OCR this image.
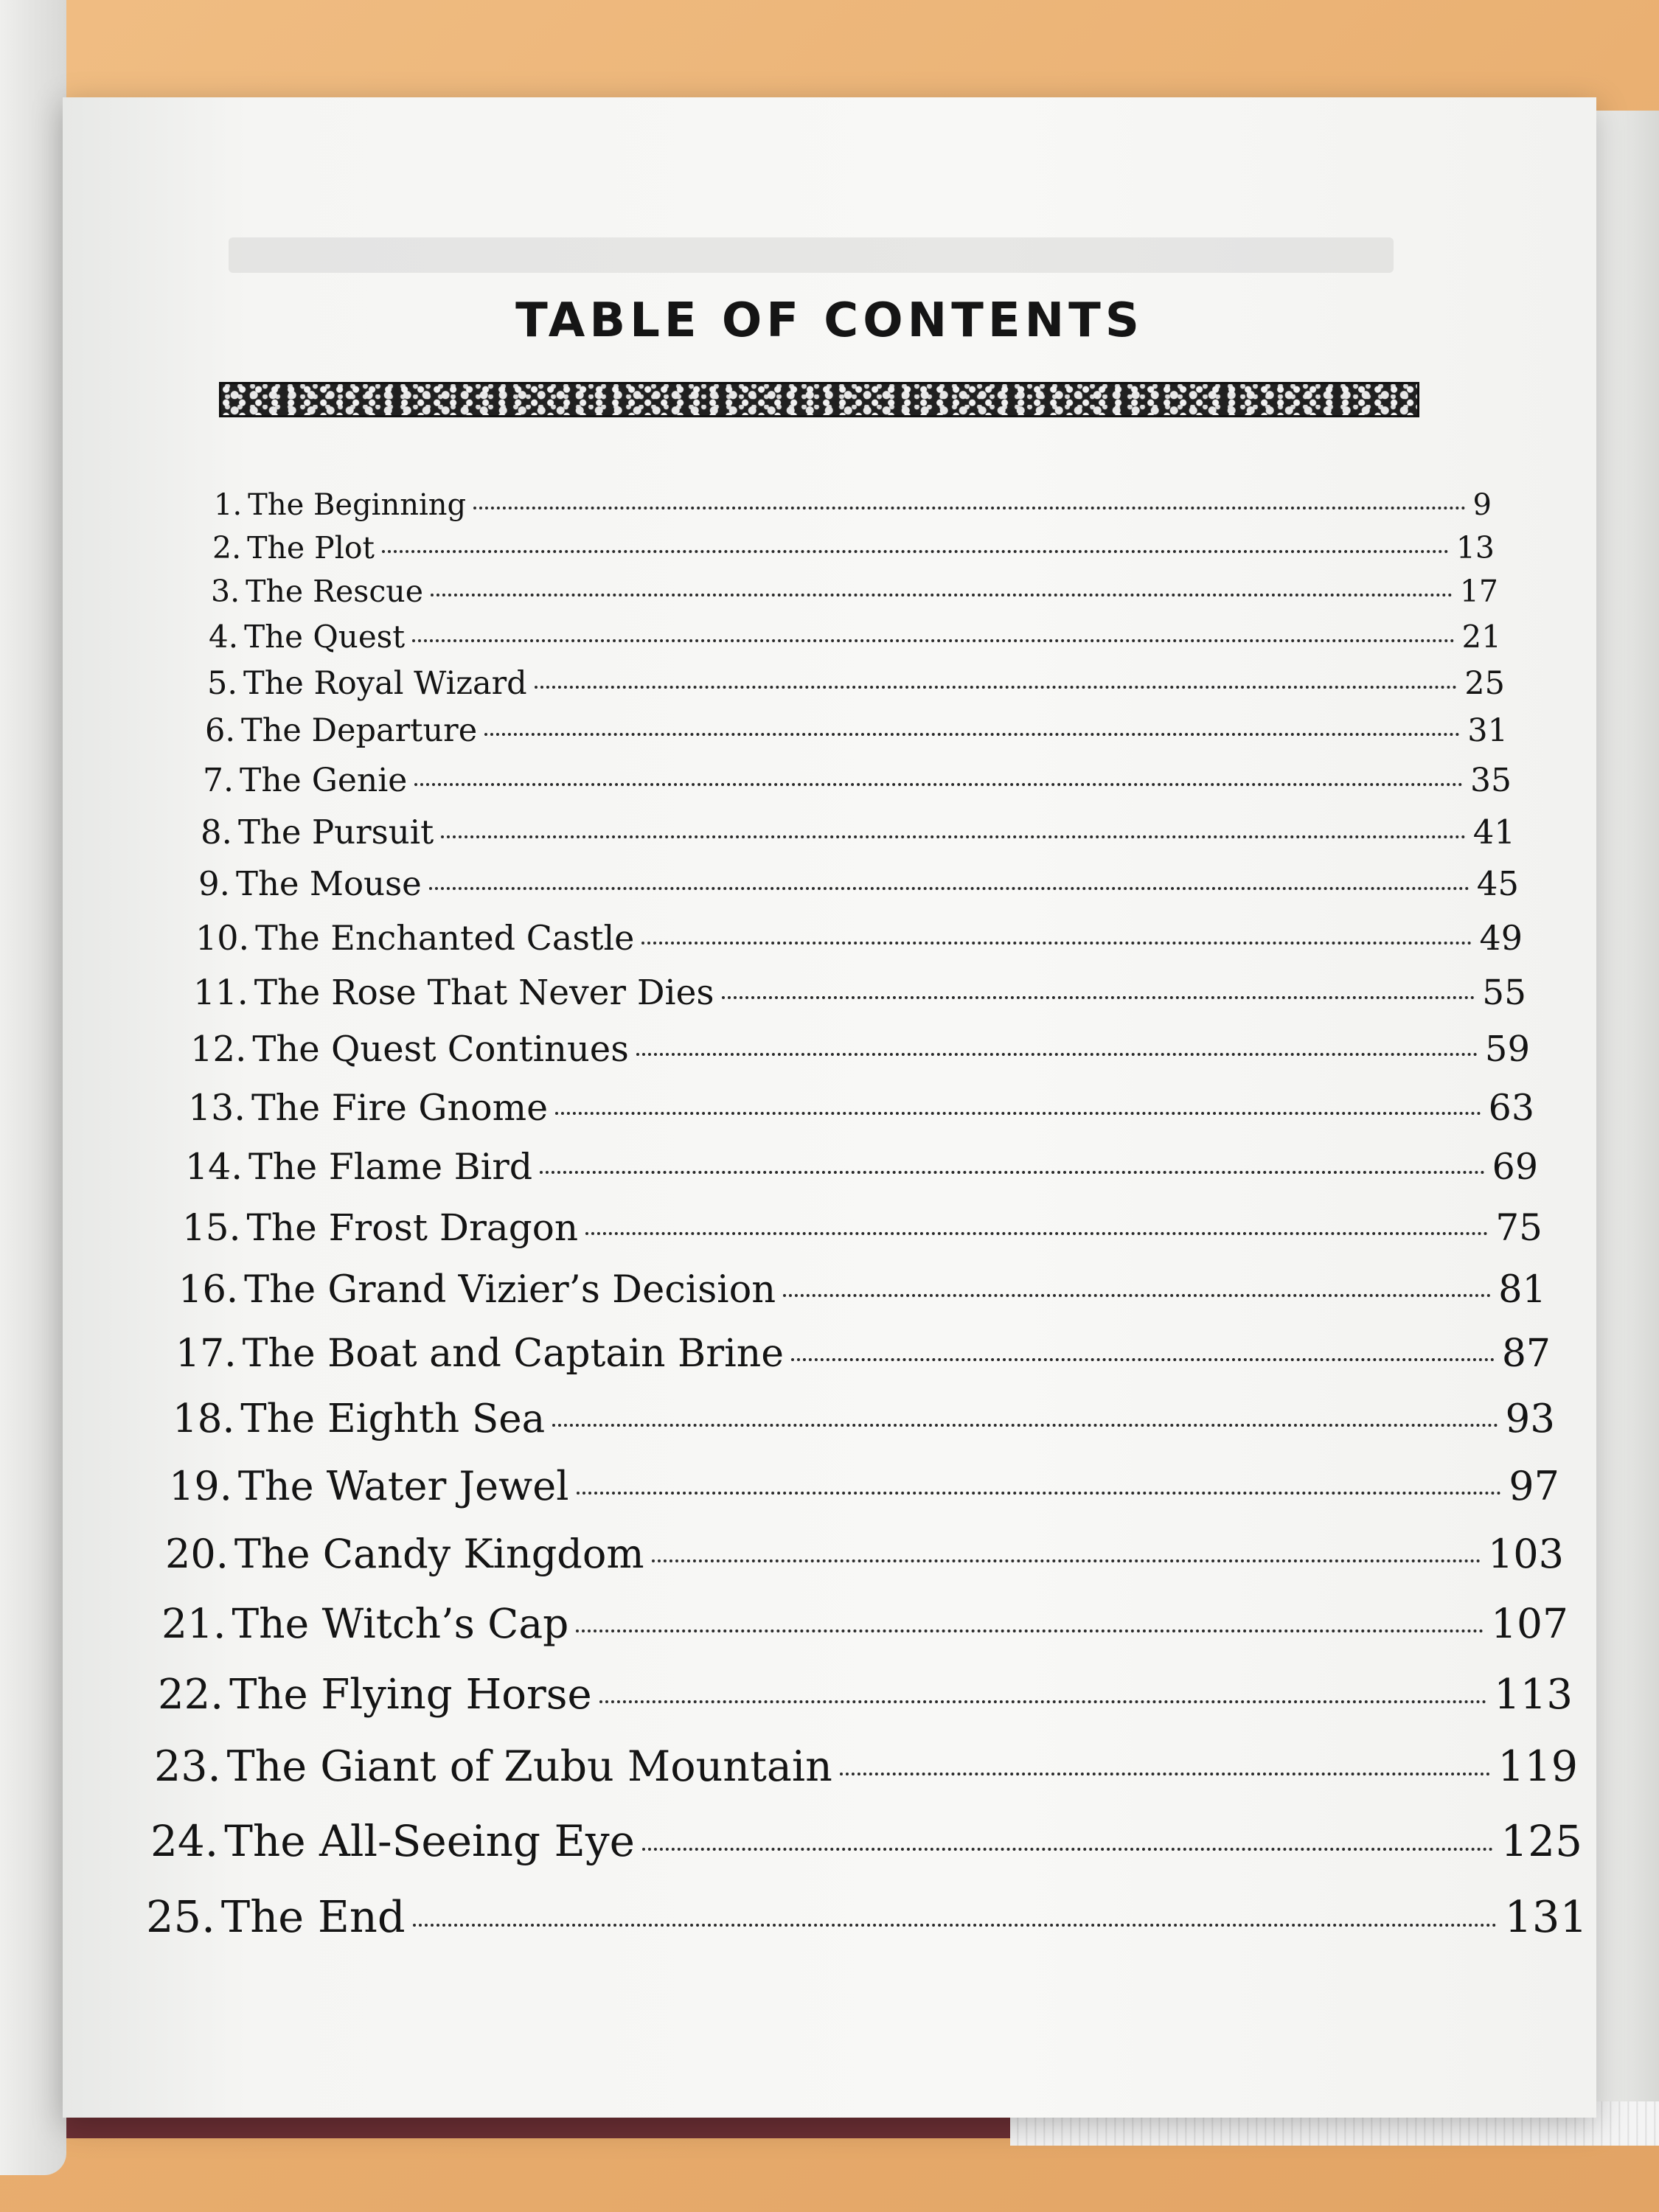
TABLE OF CONTENTS
1. The Beginning	9
2. The Plot	13
3. The Rescue	17
4. The Quest	21
5. The Royal Wizard	25
6. The Departure	31
7. The Genie	35
8. The Pursuit	41
9. The Mouse	45
10. The Enchanted Castle	49
11. The Rose That Never Dies	55
12. The Quest Continues	59
13. The Fire Gnome	63
14. The Flame Bird	69
15. The Frost Dragon	75
16. The Grand Vizier’s Decision	81
17. The Boat and Captain Brine	87
18. The Eighth Sea	93
19. The Water Jewel	97
20. The Candy Kingdom	103
21. The Witch’s Cap	107
22. The Flying Horse	113
23. The Giant of Zubu Mountain	119
24. The All-Seeing Eye	125
25. The End	131
